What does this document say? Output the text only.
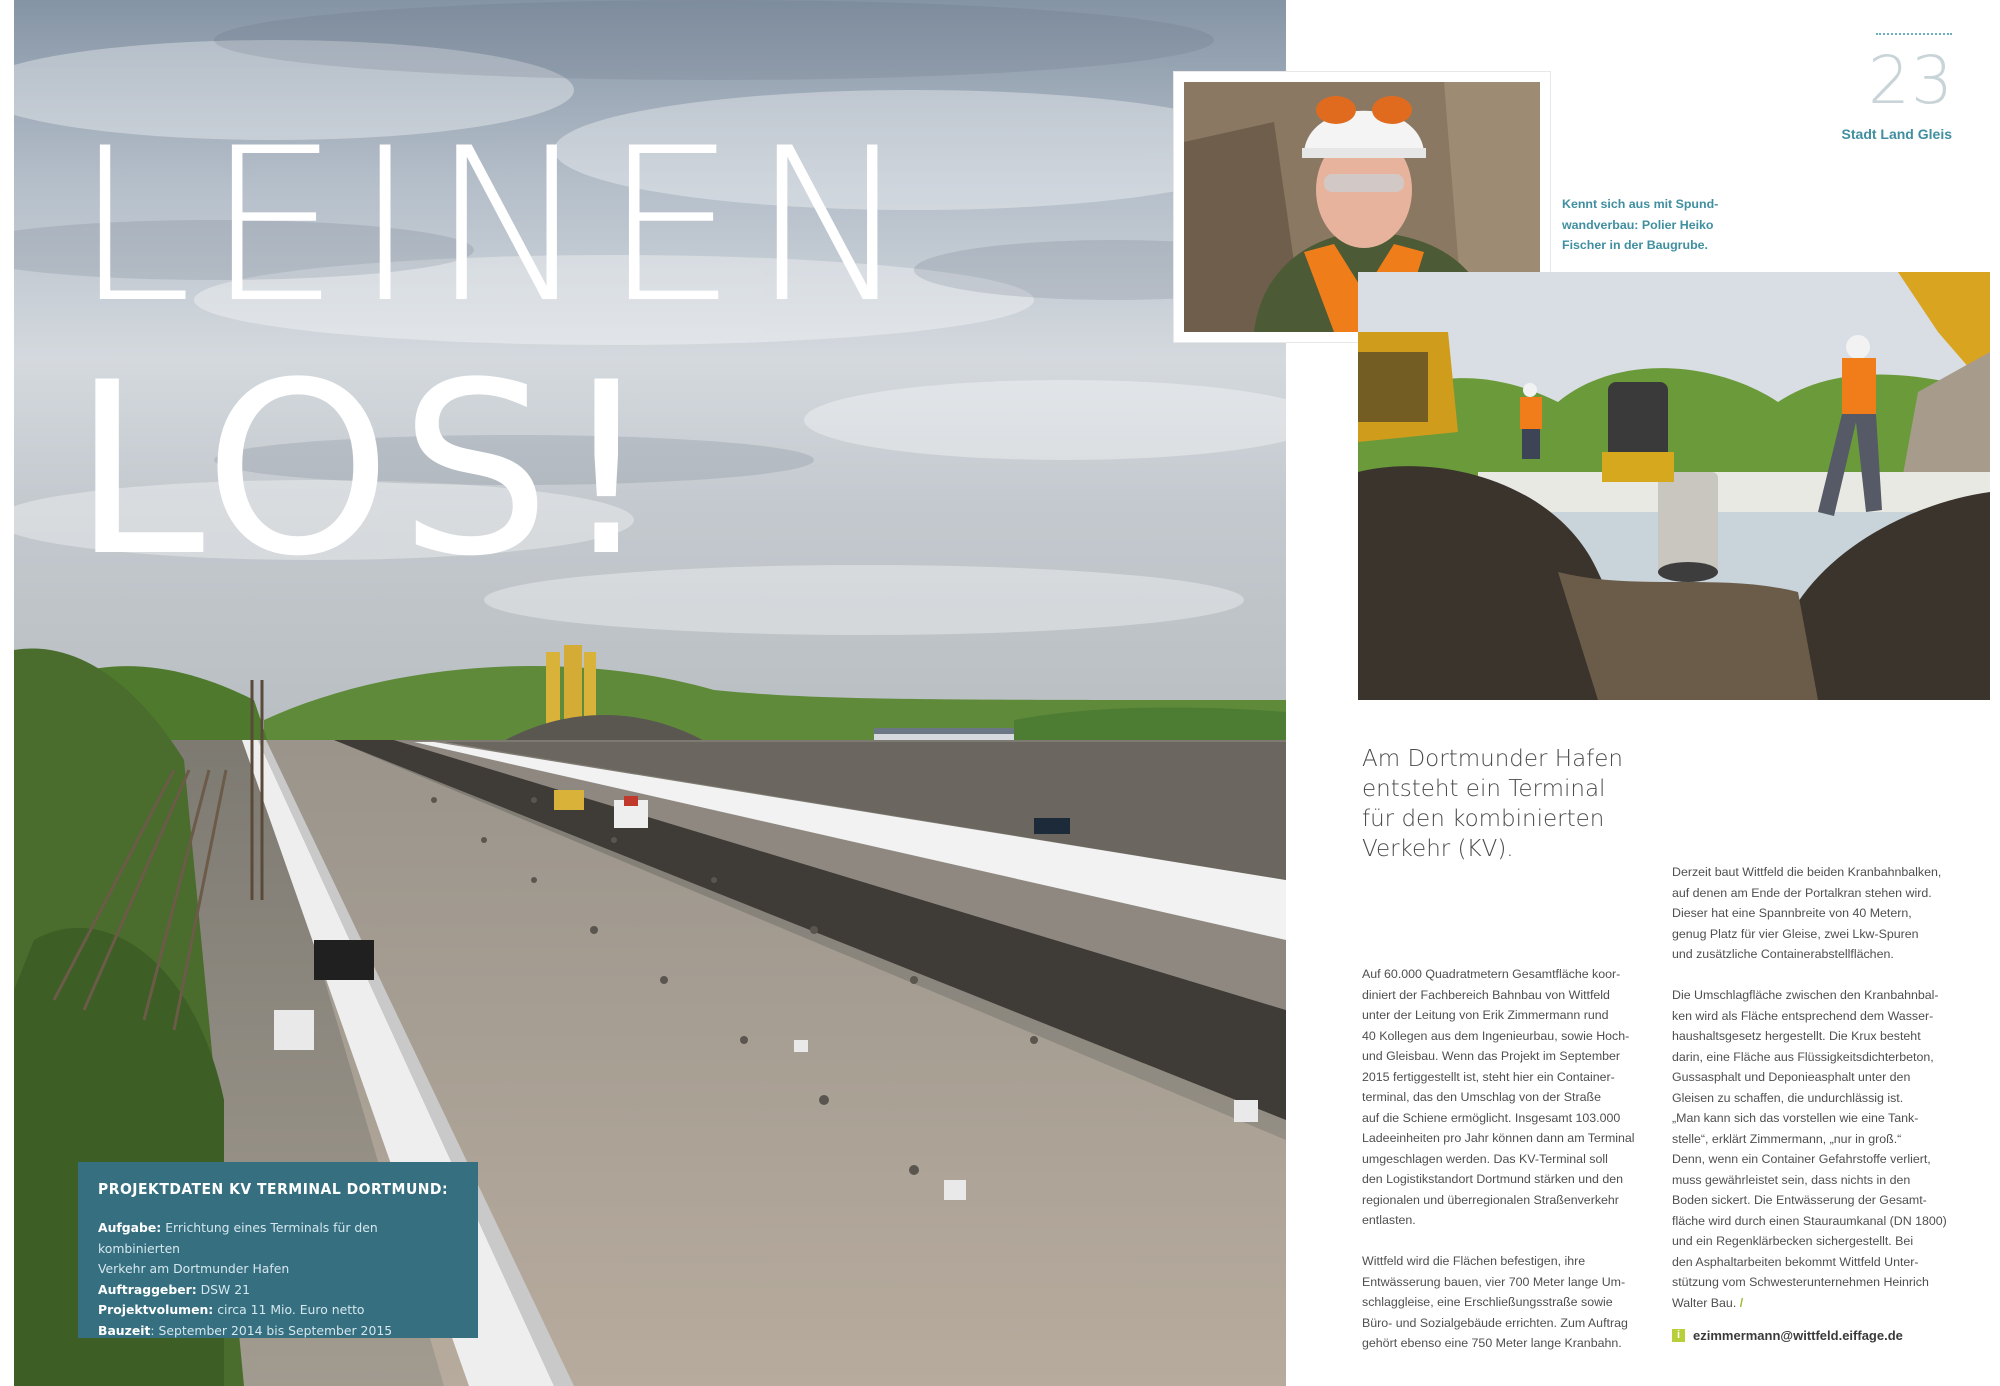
LEINEN
LOS!

PROJEKTDATEN KV TERMINAL DORTMUND:

Aufgabe: Errichtung eines Terminals für den kombinierten

Verkehr am Dortmunder Hafen

Auftraggeber: DSW 21

Projektvolumen: circa 11 Mio. Euro netto

Bauzeit: September 2014 bis September 2015

23
Stadt Land Gleis
Kennt sich aus mit Spund-
wandverbau: Polier Heiko
Fischer in der Baugrube.
Am Dortmunder Hafen
entsteht ein Terminal
für den kombinierten
Verkehr (KV).

Auf 60.000 Quadratmetern Gesamtfläche koor-
diniert der Fachbereich Bahnbau von Wittfeld
unter der Leitung von Erik Zimmermann rund
40 Kollegen aus dem Ingenieurbau, sowie Hoch-
und Gleisbau. Wenn das Projekt im September
2015 fertiggestellt ist, steht hier ein Container-
terminal, das den Umschlag von der Straße
auf die Schiene ermöglicht. Insgesamt 103.000
Ladeeinheiten pro Jahr können dann am Terminal
umgeschlagen werden. Das KV-Terminal soll
den Logistikstandort Dortmund stärken und den
regionalen und überregionalen Straßenverkehr
entlasten.

Wittfeld wird die Flächen befestigen, ihre
Entwässerung bauen, vier 700 Meter lange Um-
schlaggleise, eine Erschließungsstraße sowie
Büro- und Sozialgebäude errichten. Zum Auftrag
gehört ebenso eine 750 Meter lange Kranbahn.

Derzeit baut Wittfeld die beiden Kranbahnbalken,
auf denen am Ende der Portalkran stehen wird.
Dieser hat eine Spannbreite von 40 Metern,
genug Platz für vier Gleise, zwei Lkw-Spuren
und zusätzliche Containerabstellflächen.

Die Umschlagfläche zwischen den Kranbahnbal-
ken wird als Fläche entsprechend dem Wasser-
haushaltsgesetz hergestellt. Die Krux besteht
darin, eine Fläche aus Flüssigkeitsdichterbeton,
Gussasphalt und Deponieasphalt unter den
Gleisen zu schaffen, die undurchlässig ist.
„Man kann sich das vorstellen wie eine Tank-
stelle“, erklärt Zimmermann, „nur in groß.“
Denn, wenn ein Container Gefahrstoffe verliert,
muss gewährleistet sein, dass nichts in den
Boden sickert. Die Entwässerung der Gesamt-
fläche wird durch einen Stauraumkanal (DN 1800)
und ein Regenklärbecken sichergestellt. Bei
den Asphaltarbeiten bekommt Wittfeld Unter-
stützung vom Schwesterunternehmen Heinrich
Walter Bau. /

i ezimmermann@wittfeld.eiffage.de
